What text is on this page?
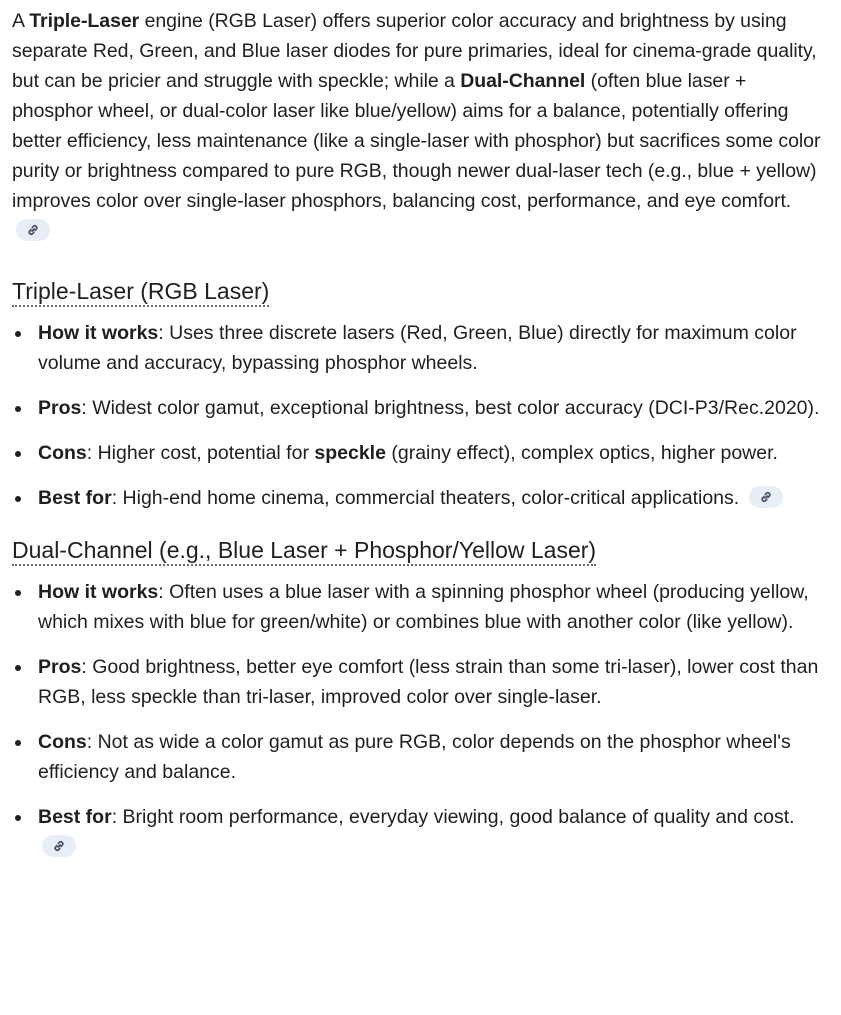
A Triple-Laser engine (RGB Laser) offers superior color accuracy and brightness by using separate Red, Green, and Blue laser diodes for pure primaries, ideal for cinema-grade quality, but can be pricier and struggle with speckle; while a Dual-Channel (often blue laser + phosphor wheel, or dual-color laser like blue/yellow) aims for a balance, potentially offering better efficiency, less maintenance (like a single-laser with phosphor) but sacrifices some color purity or brightness compared to pure RGB, though newer dual-laser tech (e.g., blue + yellow) improves color over single-laser phosphors, balancing cost, performance, and eye comfort.

Triple-Laser (RGB Laser)
How it works: Uses three discrete lasers (Red, Green, Blue) directly for maximum color volume and accuracy, bypassing phosphor wheels.
Pros: Widest color gamut, exceptional brightness, best color accuracy (DCI-P3/Rec.2020).
Cons: Higher cost, potential for speckle (grainy effect), complex optics, higher power.
Best for: High-end home cinema, commercial theaters, color-critical applications.
Dual-Channel (e.g., Blue Laser + Phosphor/Yellow Laser)
How it works: Often uses a blue laser with a spinning phosphor wheel (producing yellow, which mixes with blue for green/white) or combines blue with another color (like yellow).
Pros: Good brightness, better eye comfort (less strain than some tri-laser), lower cost than RGB, less speckle than tri-laser, improved color over single-laser.
Cons: Not as wide a color gamut as pure RGB, color depends on the phosphor wheel's efficiency and balance.
Best for: Bright room performance, everyday viewing, good balance of quality and cost.
